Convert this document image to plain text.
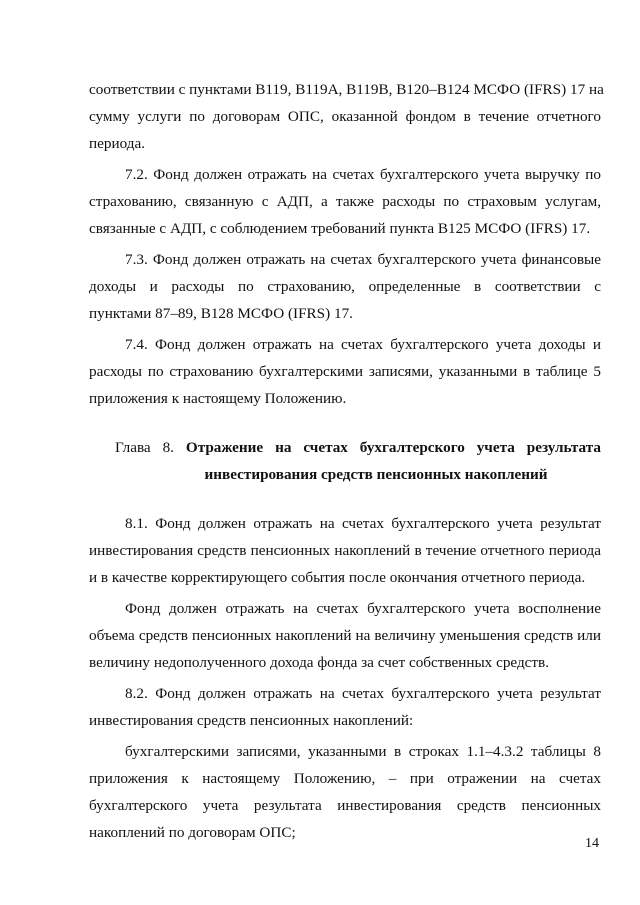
соответствии с пунктами В119, В119А, В119В, В120–В124 МСФО (IFRS) 17 на
сумму услуги по договорам ОПС, оказанной фондом в течение отчетного
периода.
7.2. Фонд должен отражать на счетах бухгалтерского учета выручку по
страхованию, связанную с АДП, а также расходы по страховым услугам,
связанные с АДП, с соблюдением требований пункта В125 МСФО (IFRS) 17.
7.3. Фонд должен отражать на счетах бухгалтерского учета финансовые
доходы и расходы по страхованию, определенные в соответствии с
пунктами 87–89, В128 МСФО (IFRS) 17.
7.4. Фонд должен отражать на счетах бухгалтерского учета доходы и
расходы по страхованию бухгалтерскими записями, указанными в таблице 5
приложения к настоящему Положению.
Глава 8. Отражение на счетах бухгалтерского учета результата
инвестирования средств пенсионных накоплений
8.1. Фонд должен отражать на счетах бухгалтерского учета результат
инвестирования средств пенсионных накоплений в течение отчетного периода
и в качестве корректирующего события после окончания отчетного периода.
Фонд должен отражать на счетах бухгалтерского учета восполнение
объема средств пенсионных накоплений на величину уменьшения средств или
величину недополученного дохода фонда за счет собственных средств.
8.2. Фонд должен отражать на счетах бухгалтерского учета результат
инвестирования средств пенсионных накоплений:
бухгалтерскими записями, указанными в строках 1.1–4.3.2 таблицы 8
приложения к настоящему Положению, – при отражении на счетах
бухгалтерского учета результата инвестирования средств пенсионных
накоплений по договорам ОПС;
14
